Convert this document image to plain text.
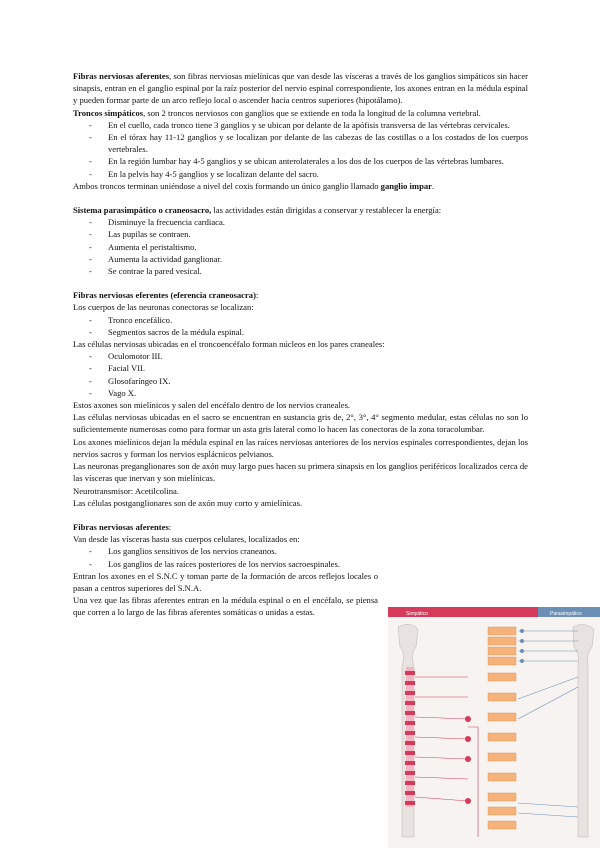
Fibras nerviosas aferentes, son fibras nerviosas mielínicas que van desde las vísceras a través de los ganglios simpáticos sin hacer sinapsis, entran en el ganglio espinal por la raíz posterior del nervio espinal correspondiente, los axones entran en la médula espinal y pueden formar parte de un arco reflejo local o ascender hacia centros superiores (hipotálamo).

Troncos simpáticos, son 2 troncos nerviosos con ganglios que se extiende en toda la longitud de la columna vertebral.

- En el cuello, cada tronco tiene 3 ganglios y se ubican por delante de la apófisis transversa de las vértebras cervicales.
- En el tórax hay 11-12 ganglios y se localizan por delante de las cabezas de las costillas o a los costados de los cuerpos vertebrales.
- En la región lumbar hay 4-5 ganglios y se ubican anterolaterales a los dos de los cuerpos de las vértebras lumbares.
- En la pelvis hay 4-5 ganglios y se localizan delante del sacro.

Ambos troncos terminan uniéndose a nivel del coxis formando un único ganglio llamado ganglio impar.

Sistema parasimpático o craneosacro, las actividades están dirigidas a conservar y restablecer la energía:

- Disminuye la frecuencia cardiaca.
- Las pupilas se contraen.
- Aumenta el peristaltismo.
- Aumenta la actividad ganglionar.
- Se contrae la pared vesical.

Fibras nerviosas eferentes (eferencia craneosacra):

Los cuerpos de las neuronas conectoras se localizan:

- Tronco encefálico.
- Segmentos sacros de la médula espinal.

Las células nerviosas ubicadas en el troncoencéfalo forman núcleos en los pares craneales:

- Oculomotor III.
- Facial VII.
- Glosofaríngeo IX.
- Vago X.

Estos axones son mielínicos y salen del encéfalo dentro de los nervios craneales.

Las células nerviosas ubicadas en el sacro se encuentran en sustancia gris de, 2°, 3°, 4° segmento medular, estas células no son lo suficientemente numerosas como para formar un asta gris lateral como lo hacen las conectoras de la zona toracolumbar.

Los axones mielínicos dejan la médula espinal en las raíces nerviosas anteriores de los nervios espinales correspondientes, dejan los nervios sacros y forman los nervios esplácnicos pelvianos.

Las neuronas preganglionares son de axón muy largo pues hacen su primera sinapsis en los ganglios periféricos localizados cerca de las vísceras que inervan y son mielínicas.

Neurotransmisor: Acetilcolina.

Las células postganglionares son de axón muy corto y amielínicas.

Fibras nerviosas aferentes:

Van desde las vísceras hasta sus cuerpos celulares, localizados en:

- Los ganglios sensitivos de los nervios craneanos.
- Los ganglios de las raíces posteriores de los nervios sacroespinales.

Entran los axones en el S.N.C y toman parte de la formación de arcos reflejos locales o pasan a centros superiores del S.N.A.

Una vez que las fibras aferentes entran en la médula espinal o en el encéfalo, se piensa que corren a lo largo de las fibras aferentes somáticas o unidas a estas.	Simpático	Parasimpático
